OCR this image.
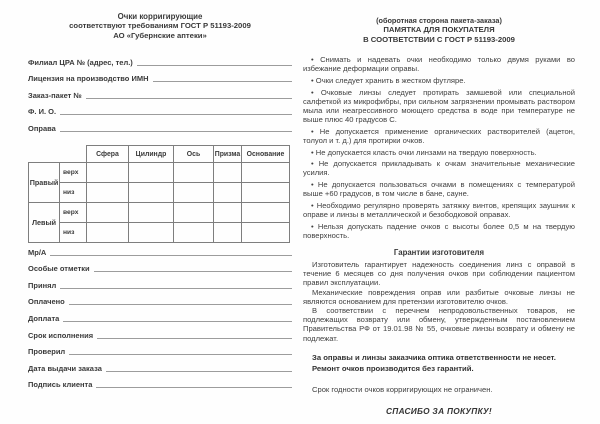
Очки корригирующие
соответствуют требованиям ГОСТ Р 51193-2009
АО «Губернские аптеки»
Филиал ЦРА № (адрес, тел.)
Лицензия на производство ИМН
Заказ-пакет №
Ф. И. О.
Оправа
		Сфера	Цилиндр	Ось	Призма	Основание
Правый	верх					
	низ					
Левый	верх					
	низ					
Мр/А
Особые отметки
Принял
Оплачено
Доплата
Срок исполнения
Проверил
Дата выдачи заказа
Подпись клиента
(оборотная сторона пакета-заказа)
ПАМЯТКА ДЛЯ ПОКУПАТЕЛЯ
В СООТВЕТСТВИИ С ГОСТ Р 51193-2009

• Снимать и надевать очки необходимо только двумя руками во избежание деформации оправы.

• Очки следует хранить в жестком футляре.

• Очковые линзы следует протирать замшевой или специальной салфеткой из микрофибры, при сильном загрязнении промывать раствором мыла или неагрессивного моющего средства в воде при температуре не выше плюс 40 градусов С.

• Не допускается применение органических растворителей (ацетон, толуол и т. д.) для протирки очков.

• Не допускается класть очки линзами на твердую поверхность.

• Не допускается прикладывать к очкам значительные механические усилия.

• Не допускается пользоваться очками в помещениях с температурой выше +60 градусов, в том числе в бане, сауне.

• Необходимо регулярно проверять затяжку винтов, крепящих заушник к оправе и линзы в металлической и безободковой оправах.

• Нельзя допускать падение очков с высоты более 0,5 м на твердую поверхность.

Гарантии изготовителя

Изготовитель гарантирует надежность соединения линз с оправой в течение 6 месяцев со дня получения очков при соблюдении пациентом правил эксплуатации.

Механические повреждения оправ или разбитые очковые линзы не являются основанием для претензии изготовителю очков.

В соответствии с перечнем непродовольственных товаров, не подлежащих возврату или обмену, утвержденным постановлением Правительства РФ от 19.01.98 № 55, очковые линзы возврату и обмену не подлежат.

За оправы и линзы заказчика оптика ответственности не несет.
Ремонт очков производится без гарантий.

Срок годности очков корригирующих не ограничен.

СПАСИБО ЗА ПОКУПКУ!
